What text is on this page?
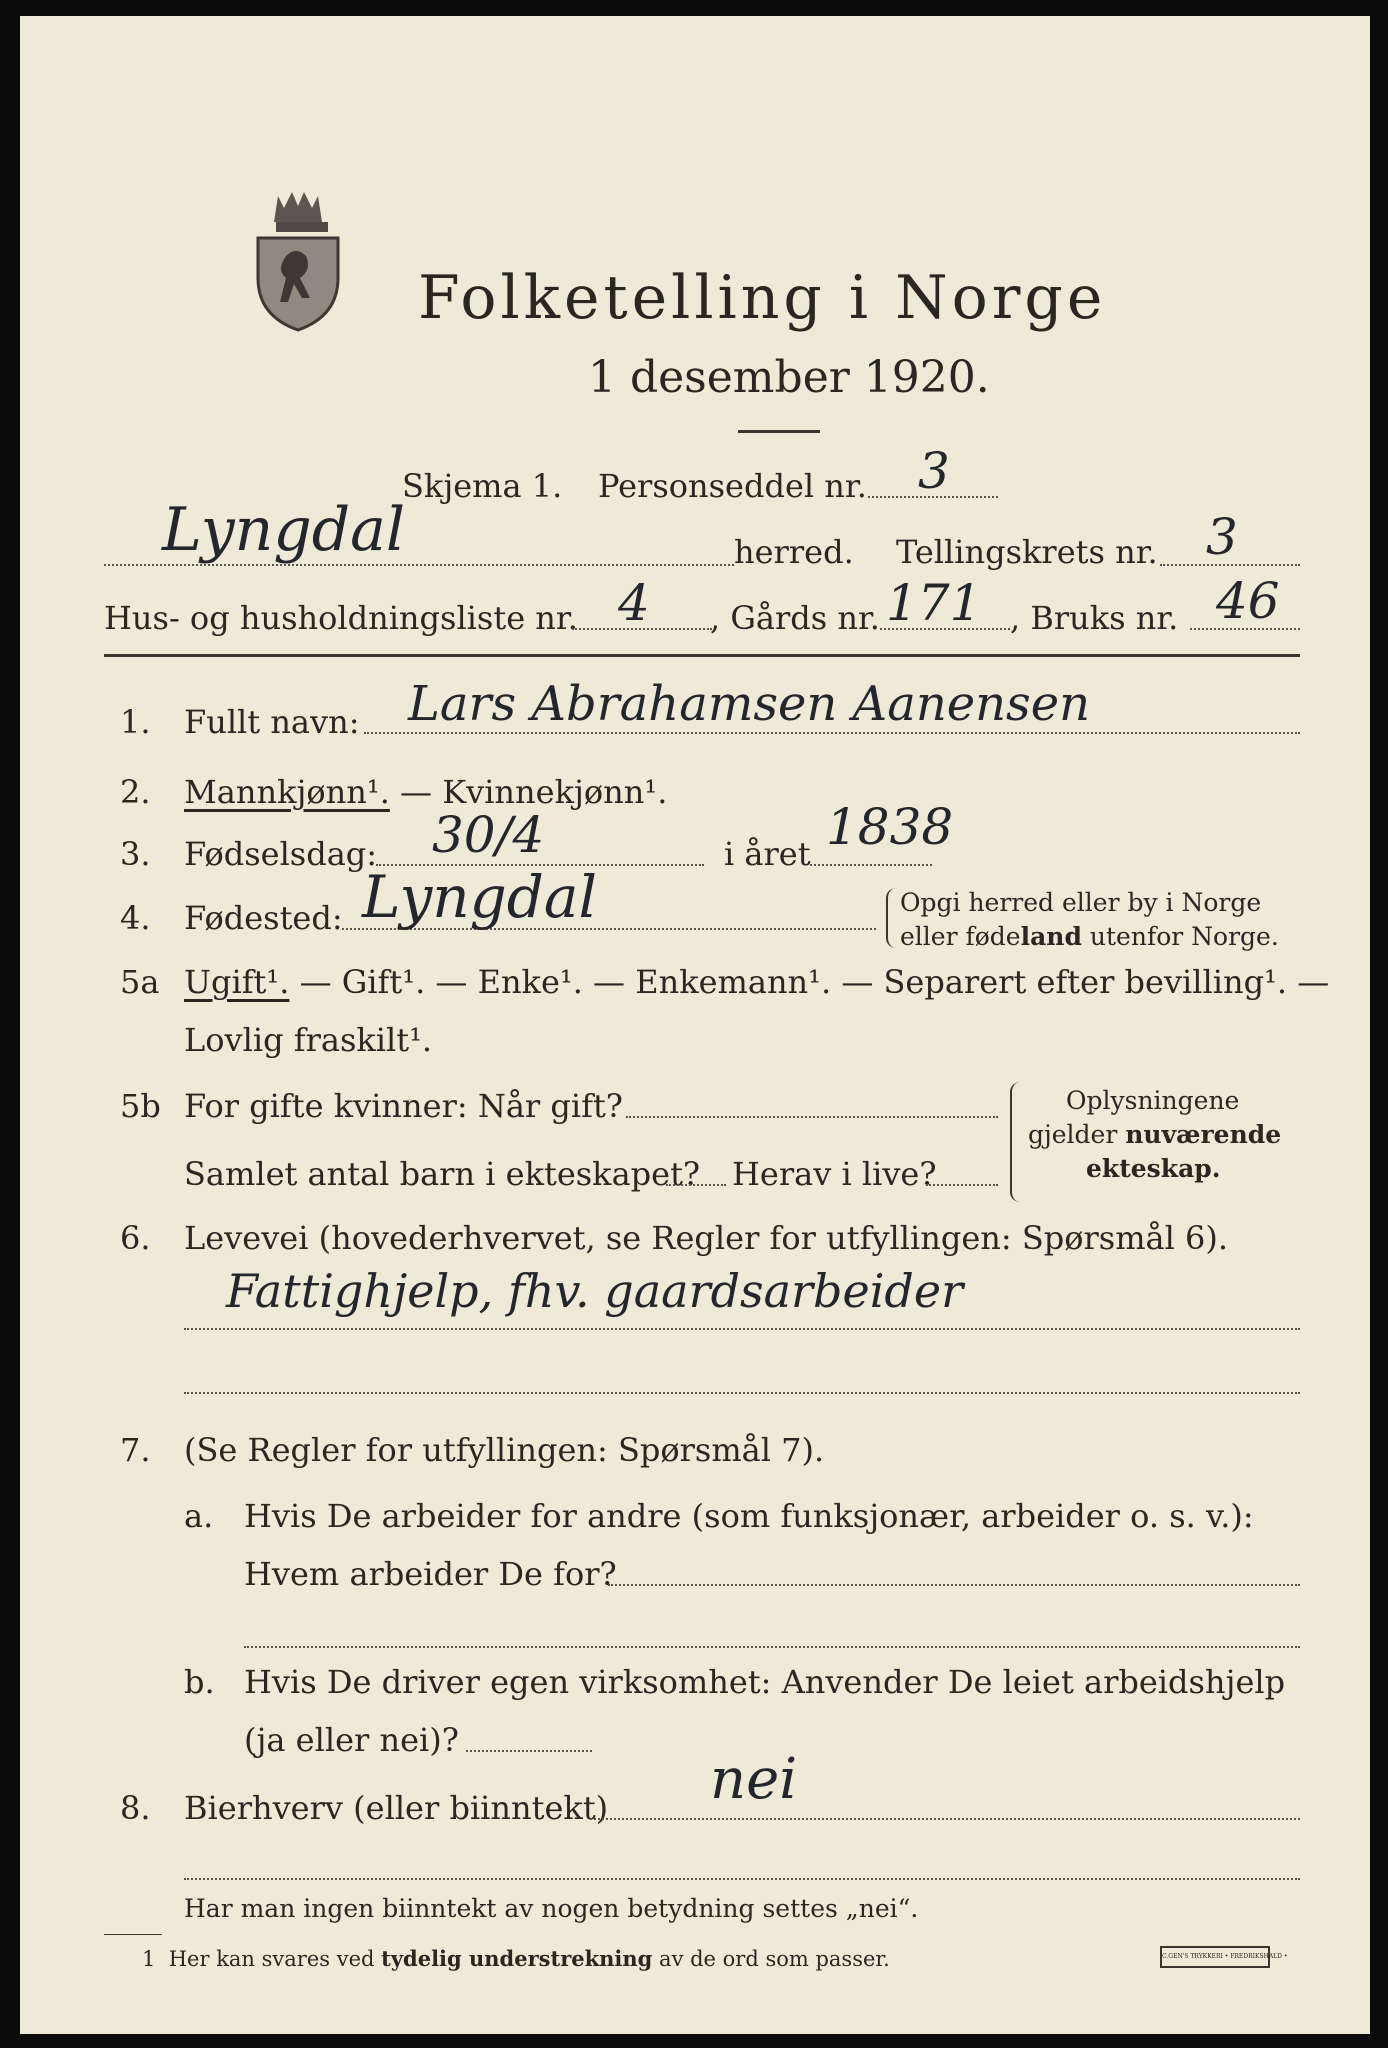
Folketelling i Norge
1 desember 1920.
Skjema 1. Personseddel nr. 3
Lyngdal	herred. Tellingskrets nr. 3
Hus- og husholdningsliste nr. 4 , Gårds nr. 171 , Bruks nr. 46
1. Fullt navn: Lars Abrahamsen Aanensen
2. Mannkjønn¹. — Kvinnekjønn¹.
3. Fødselsdag: 30/4	i året 1838
4. Fødested: Lyngdal	Opgi herred eller by i Norge
eller fødeland utenfor Norge.
5a Ugift¹. — Gift¹. — Enke¹. — Enkemann¹. — Separert efter bevilling¹. —
Lovlig fraskilt¹.
5b For gifte kvinner: Når gift?
Samlet antal barn i ekteskapet? Herav i live?
Oplysningene
gjelder nuværende
ekteskap.
6. Levevei (hovederhvervet, se Regler for utfyllingen: Spørsmål 6).
Fattighjelp, fhv. gaardsarbeider
7. (Se Regler for utfyllingen: Spørsmål 7).
a. Hvis De arbeider for andre (som funksjonær, arbeider o. s. v.):
Hvem arbeider De for?
b. Hvis De driver egen virksomhet: Anvender De leiet arbeidshjelp
(ja eller nei)?
8. Bierhverv (eller biinntekt) nei
Har man ingen biinntekt av nogen betydning settes „nei“.
1 Her kan svares ved tydelig understrekning av de ord som passer.	C.GEN'S TRYKKERI • FREDRIKSHALD •
